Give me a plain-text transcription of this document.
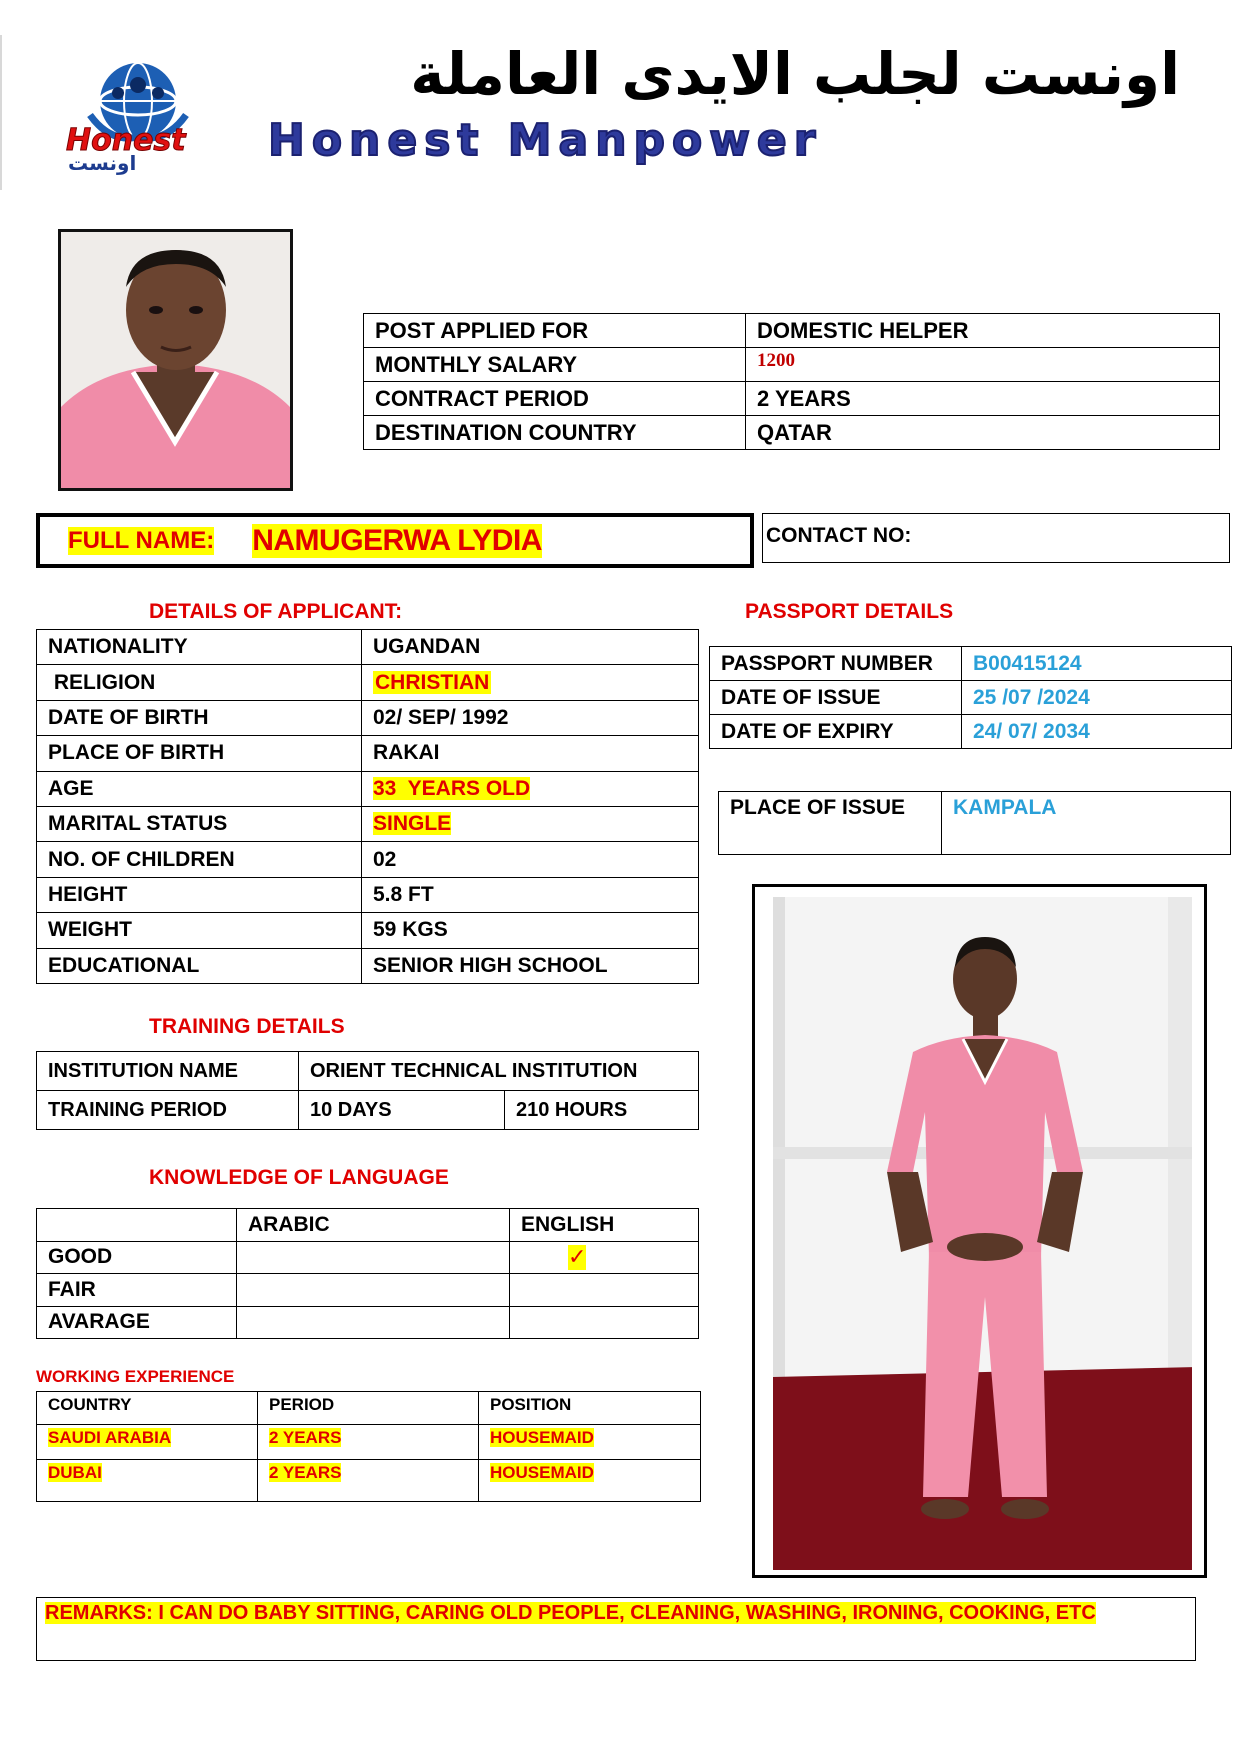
Honest
اونست
اونست لجلب الايدى العاملة
Honest Manpower
POST APPLIED FOR	DOMESTIC HELPER
MONTHLY SALARY	1200
CONTRACT PERIOD	2 YEARS
DESTINATION COUNTRY	QATAR
FULL NAME: NAMUGERWA LYDIA	CONTACT NO:
DETAILS OF APPLICANT:
NATIONALITY	UGANDAN
RELIGION	CHRISTIAN
DATE OF BIRTH	02/ SEP/ 1992
PLACE OF BIRTH	RAKAI
AGE	33  YEARS OLD
MARITAL STATUS	SINGLE
NO. OF CHILDREN	02
HEIGHT	5.8 FT
WEIGHT	59 KGS
EDUCATIONAL	SENIOR HIGH SCHOOL
PASSPORT DETAILS
PASSPORT NUMBER	B00415124
DATE OF ISSUE	25 /07 /2024
DATE OF EXPIRY	24/ 07/ 2034
PLACE OF ISSUE	KAMPALA
TRAINING DETAILS
INSTITUTION NAME	ORIENT TECHNICAL INSTITUTION	
TRAINING PERIOD	10 DAYS	210 HOURS
KNOWLEDGE OF LANGUAGE
	ARABIC	ENGLISH
GOOD		✓
FAIR		
AVARAGE		
WORKING EXPERIENCE
COUNTRY	PERIOD	POSITION
SAUDI ARABIA	2 YEARS	HOUSEMAID
DUBAI	2 YEARS	HOUSEMAID
REMARKS: I CAN DO BABY SITTING, CARING OLD PEOPLE, CLEANING, WASHING, IRONING, COOKING, ETC
